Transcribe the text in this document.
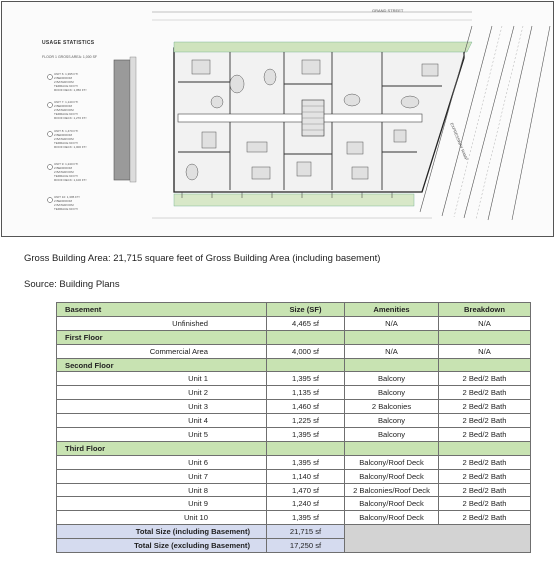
GRAND STREET
USAGE STATISTICS
FLOOR 1 GROSS AREA: 1,000 SF
EXPRESSWAY RAMP
UNIT 6: 1,395 FT²
2 BEDROOM
2 BATHROOM
TERRACE 90 FT²
ROOF DECK: 1,050 FT²
UNIT 7: 1,140 FT²
2 BEDROOM
2 BATHROOM
TERRACE 90 FT²
ROOF DECK: 1,270 FT²
UNIT 8: 1,470 FT²
2 BEDROOM
2 BATHROOM
TERRACE 90 FT²
ROOF DECK: 1,000 FT²
UNIT 9: 1,240 FT²
2 BEDROOM
2 BATHROOM
TERRACE 90 FT²
ROOF DECK: 1,100 FT²
UNIT 10: 1,395 FT²
2 BEDROOM
2 BATHROOM
TERRACE 90 FT²
Gross Building Area: 21,715 square feet of Gross Building Area (including basement)
Source: Building Plans
Basement	Size (SF)	Amenities	Breakdown
Unfinished	4,465 sf	N/A	N/A
First Floor			
Commercial Area	4,000 sf	N/A	N/A
Second Floor			
Unit 1	1,395 sf	Balcony	2 Bed/2 Bath
Unit 2	1,135 sf	Balcony	2 Bed/2 Bath
Unit 3	1,460 sf	2 Balconies	2 Bed/2 Bath
Unit 4	1,225 sf	Balcony	2 Bed/2 Bath
Unit 5	1,395 sf	Balcony	2 Bed/2 Bath
Third Floor			
Unit 6	1,395 sf	Balcony/Roof Deck	2 Bed/2 Bath
Unit 7	1,140 sf	Balcony/Roof Deck	2 Bed/2 Bath
Unit 8	1,470 sf	2 Balconies/Roof Deck	2 Bed/2 Bath
Unit 9	1,240 sf	Balcony/Roof Deck	2 Bed/2 Bath
Unit 10	1,395 sf	Balcony/Roof Deck	2 Bed/2 Bath
Total Size (including Basement)	21,715 sf		
Total Size (excluding Basement)	17,250 sf		
